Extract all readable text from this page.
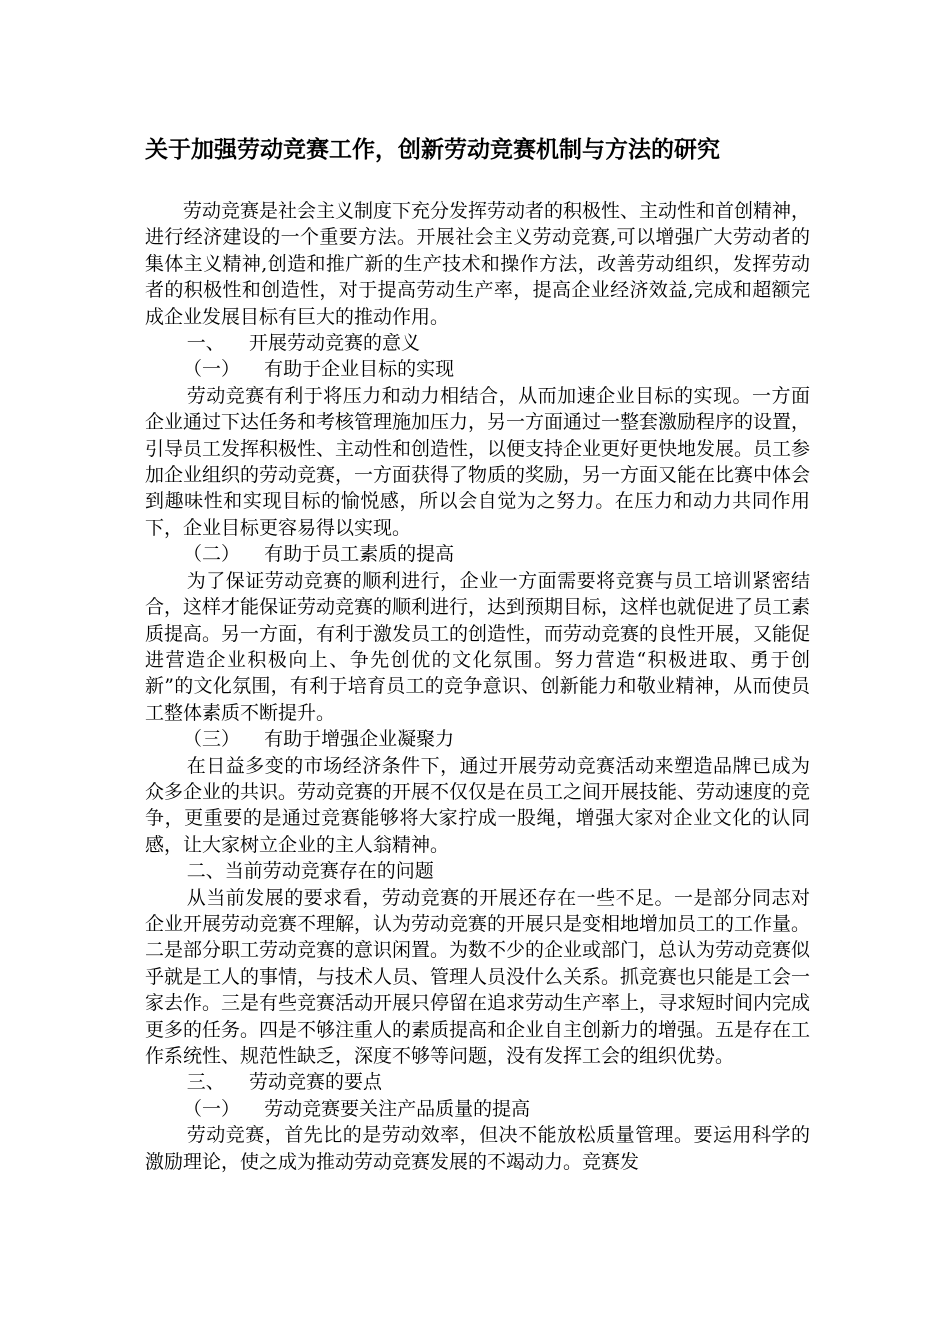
关于加强劳动竞赛工作，创新劳动竞赛机制与方法的研究

劳动竞赛是社会主义制度下充分发挥劳动者的积极性、主动性和首创精神，进行经济建设的一个重要方法。开展社会主义劳动竞赛,可以增强广大劳动者的集体主义精神,创造和推广新的生产技术和操作方法，改善劳动组织，发挥劳动者的积极性和创造性，对于提高劳动生产率，提高企业经济效益,完成和超额完成企业发展目标有巨大的推动作用。

一、    开展劳动竞赛的意义

（一）    有助于企业目标的实现

劳动竞赛有利于将压力和动力相结合，从而加速企业目标的实现。一方面企业通过下达任务和考核管理施加压力，另一方面通过一整套激励程序的设置，引导员工发挥积极性、主动性和创造性，以便支持企业更好更快地发展。员工参加企业组织的劳动竞赛，一方面获得了物质的奖励，另一方面又能在比赛中体会到趣味性和实现目标的愉悦感，所以会自觉为之努力。在压力和动力共同作用下，企业目标更容易得以实现。

（二）    有助于员工素质的提高

为了保证劳动竞赛的顺利进行，企业一方面需要将竞赛与员工培训紧密结合，这样才能保证劳动竞赛的顺利进行，达到预期目标，这样也就促进了员工素质提高。另一方面，有利于激发员工的创造性，而劳动竞赛的良性开展，又能促进营造企业积极向上、争先创优的文化氛围。努力营造“积极进取、勇于创新”的文化氛围，有利于培育员工的竞争意识、创新能力和敬业精神，从而使员工整体素质不断提升。

（三）    有助于增强企业凝聚力

在日益多变的市场经济条件下，通过开展劳动竞赛活动来塑造品牌已成为众多企业的共识。劳动竞赛的开展不仅仅是在员工之间开展技能、劳动速度的竞争，更重要的是通过竞赛能够将大家拧成一股绳，增强大家对企业文化的认同感，让大家树立企业的主人翁精神。

二、当前劳动竞赛存在的问题

从当前发展的要求看，劳动竞赛的开展还存在一些不足。一是部分同志对企业开展劳动竞赛不理解，认为劳动竞赛的开展只是变相地增加员工的工作量。二是部分职工劳动竞赛的意识闲置。为数不少的企业或部门，总认为劳动竞赛似乎就是工人的事情，与技术人员、管理人员没什么关系。抓竞赛也只能是工会一家去作。三是有些竞赛活动开展只停留在追求劳动生产率上，寻求短时间内完成更多的任务。四是不够注重人的素质提高和企业自主创新力的增强。五是存在工作系统性、规范性缺乏，深度不够等问题，没有发挥工会的组织优势。

三、    劳动竞赛的要点

（一）    劳动竞赛要关注产品质量的提高

劳动竞赛，首先比的是劳动效率，但决不能放松质量管理。要运用科学的激励理论，使之成为推动劳动竞赛发展的不竭动力。竞赛发
